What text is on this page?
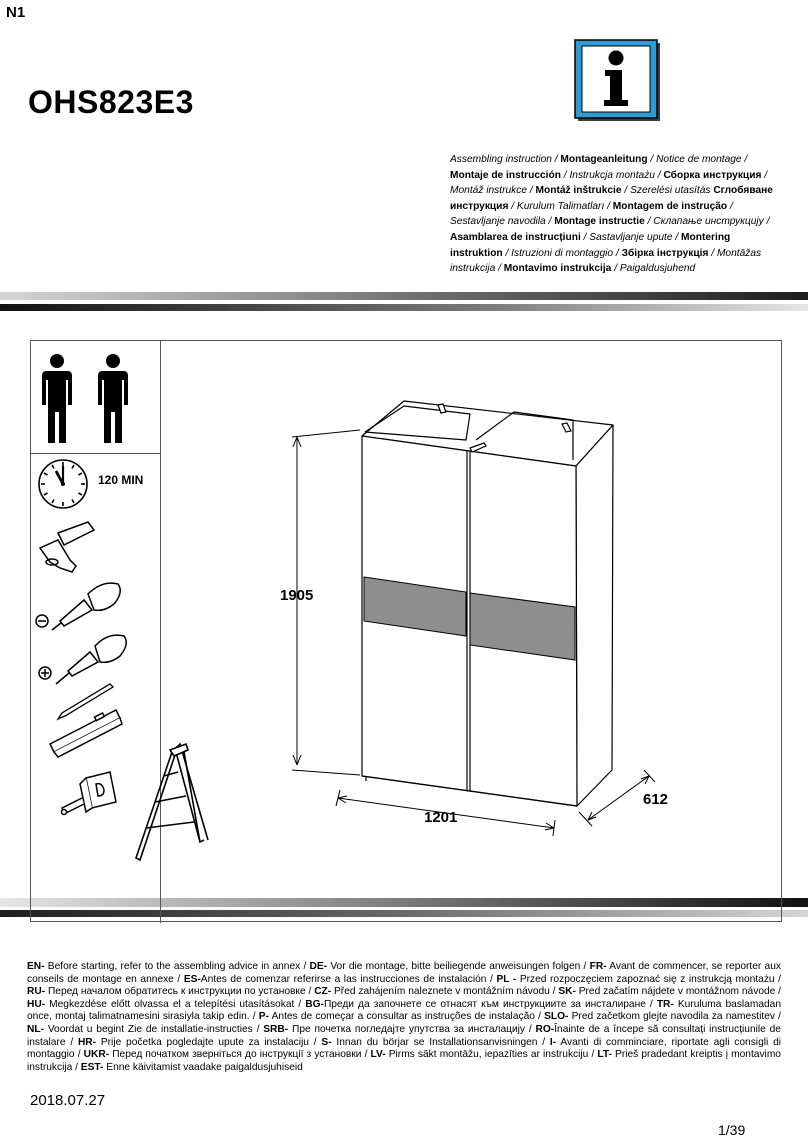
N1
OHS823E3
Assembling instruction / Montageanleitung / Notice de montage / Montaje de instrucción / Instrukcja montażu / Сборка инструкция / Montáž instrukce / Montáž inštrukcie / Szerelési utasítás Сглобяване инструкция / Kurulum Talimatları / Montagem de instrução / Sestavljanje navodila / Montage instructie / Склапање инструкцију / Asamblarea de instrucțiuni / Sastavljanje upute / Montering instruktion / Istruzioni di montaggio / Збірка інструкція / Montāžas instrukcija / Montavimo instrukcija / Paigaldusjuhend
120 MIN
1905
1201
612
EN- Before starting, refer to the assembling advice in annex / DE- Vor die montage, bitte beiliegende anweisungen folgen / FR- Avant de commencer, se reporter aux conseils de montage en annexe / ES-Antes de comenzar referirse a las instrucciones de instalación / PL - Przed rozpoczęciem zapoznać się z instrukcją montażu / RU- Перед началом обратитесь к инструкции по установке / CZ- Před zahájením naleznete v montážním návodu / SK- Pred začatím nájdete v montážnom návode / HU- Megkezdése előtt olvassa el a telepítési utasításokat / BG-Преди да започнете се отнасят към инструкциите за инсталиране / TR- Kuruluma baslamadan once, montaj talimatnamesini sirasiyla takip edin. / P- Antes de começar a consultar as instruções de instalação / SLO- Pred začetkom glejte navodila za namestitev / NL- Voordat u begint Zie de installatie-instructies / SRB- Пре почетка погледајте упутства за инсталацију / RO-Înainte de a începe să consultați instrucțiunile de instalare / HR- Prije početka pogledajte upute za instalaciju / S- Innan du börjar se Installationsanvisningen / I- Avanti di comminciare, riportate agli consigli di montaggio / UKR- Перед початком зверніться до інструкції з установки / LV- Pirms sākt montāžu, iepazīties ar instrukciju / LT- Prieš pradedant kreiptis į montavimo instrukcija / EST- Enne käivitamist vaadake paigaldusjuhiseid
2018.07.27
1/39
